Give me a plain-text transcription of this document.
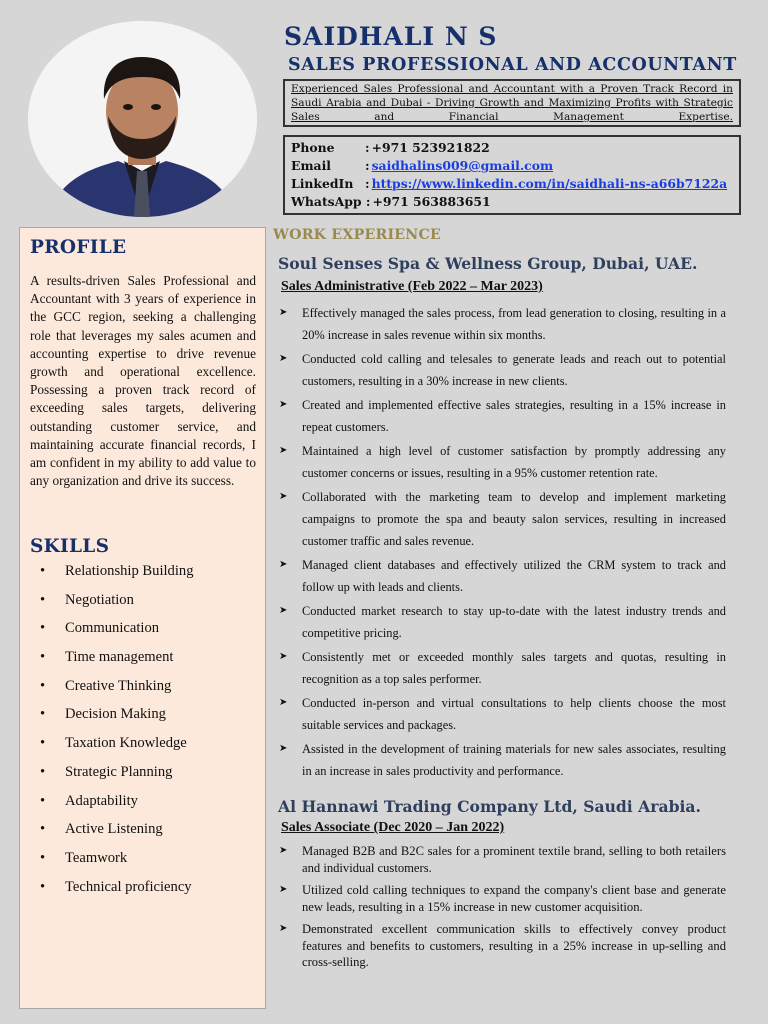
SAIDHALI N S
SALES PROFESSIONAL AND ACCOUNTANT
Experienced Sales Professional and Accountant with a Proven Track Record in Saudi Arabia and Dubai - Driving Growth and Maximizing Profits with Strategic Sales and Financial Management Expertise.
Phone	: +971 523921822
Email	: saidhalins009@gmail.com
LinkedIn : https://www.linkedin.com/in/saidhali-ns-a66b7122a
WhatsApp
: +971 563883651
PROFILE
A results-driven Sales Professional and Accountant with 3 years of experience in the GCC region, seeking a challenging role that leverages my sales acumen and accounting expertise to drive revenue growth and operational excellence. Possessing a proven track record of exceeding sales targets, delivering outstanding customer service, and maintaining accurate financial records, I am confident in my ability to add value to any organization and drive its success.
SKILLS
• Relationship Building
• Negotiation
• Communication
• Time management
• Creative Thinking
• Decision Making
• Taxation Knowledge
• Strategic Planning
• Adaptability
• Active Listening
• Teamwork
• Technical proficiency
WORK EXPERIENCE
Soul Senses Spa & Wellness Group, Dubai, UAE.
Sales Administrative (Feb 2022 – Mar 2023)
➤ Effectively managed the sales process, from lead generation to closing, resulting in a 20% increase in sales revenue within six months.
➤ Conducted cold calling and telesales to generate leads and reach out to potential customers, resulting in a 30% increase in new clients.
➤ Created and implemented effective sales strategies, resulting in a 15% increase in repeat customers.
➤ Maintained a high level of customer satisfaction by promptly addressing any customer concerns or issues, resulting in a 95% customer retention rate.
➤ Collaborated with the marketing team to develop and implement marketing campaigns to promote the spa and beauty salon services, resulting in increased customer traffic and sales revenue.
➤ Managed client databases and effectively utilized the CRM system to track and follow up with leads and clients.
➤ Conducted market research to stay up-to-date with the latest industry trends and competitive pricing.
➤ Consistently met or exceeded monthly sales targets and quotas, resulting in recognition as a top sales performer.
➤ Conducted in-person and virtual consultations to help clients choose the most suitable services and packages.
➤ Assisted in the development of training materials for new sales associates, resulting in an increase in sales productivity and performance.
Al Hannawi Trading Company Ltd, Saudi Arabia.
Sales Associate (Dec 2020 – Jan 2022)
➤ Managed B2B and B2C sales for a prominent textile brand, selling to both retailers and individual customers.
➤ Utilized cold calling techniques to expand the company's client base and generate new leads, resulting in a 15% increase in new customer acquisition.
➤ Demonstrated excellent communication skills to effectively convey product features and benefits to customers, resulting in a 25% increase in up-selling and cross-selling.
